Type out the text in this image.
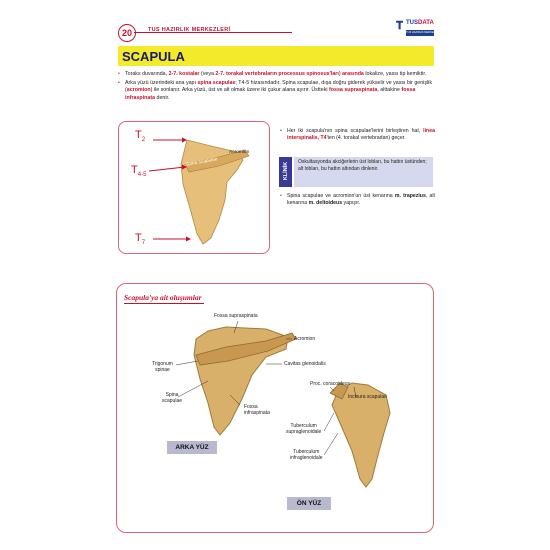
20	TUS HAZIRLIK MERKEZLERİ	𝐓 TUSDATA
TUS HAZIRLIK MERKEZLERİ
SCAPULA

• Toraks duvarında, 2-7. kostalar (veya 2-7. torakal vertebraların processus spinosus'ları) arasında lokalize, yassı tip kemiktir.

• Arka yüzü üzerindeki ana yapı spina scapulae; T4-5 hizasındadır. Spina scapulae, dışa doğru giderek yükselir ve yassı bir genişlik (acromion) ile sonlanır. Arka yüzü, üst ve alt olmak üzere iki çukur alana ayırır. Üstteki fossa supraspinata, alttakine fossa infraspinata denir.

$T_2$
$T_{4-5}$
$T_7$
Spina scapulae
Acromion

• Her iki scapula'nın spina scapulae'lerini birleştiren hat, linea interspinalis, T4'ten (4. torakal vertebradan) geçer.

KLİNİK	Oskultasyonda akciğerlerin üst lobları, bu hattın üstünden; alt lobları, bu hattın altından dinlenir.

• Spina scapulae ve acromion'un üst kenarına m. trapezius, alt kenarına m. deltoideus yapışır.

Scapula'ya ait oluşumlar
Fossa supraspinata
Acromion
Cavitas glenoidalis
Trigonum
spinae
Spina
scapulae
Fossa
infraspinata
ARKA YÜZ
Proc. coracoideus
Incisura scapulae
Tuberculum
supraglenoidale
Tuberculum
infraglenoidale
ÖN YÜZ
